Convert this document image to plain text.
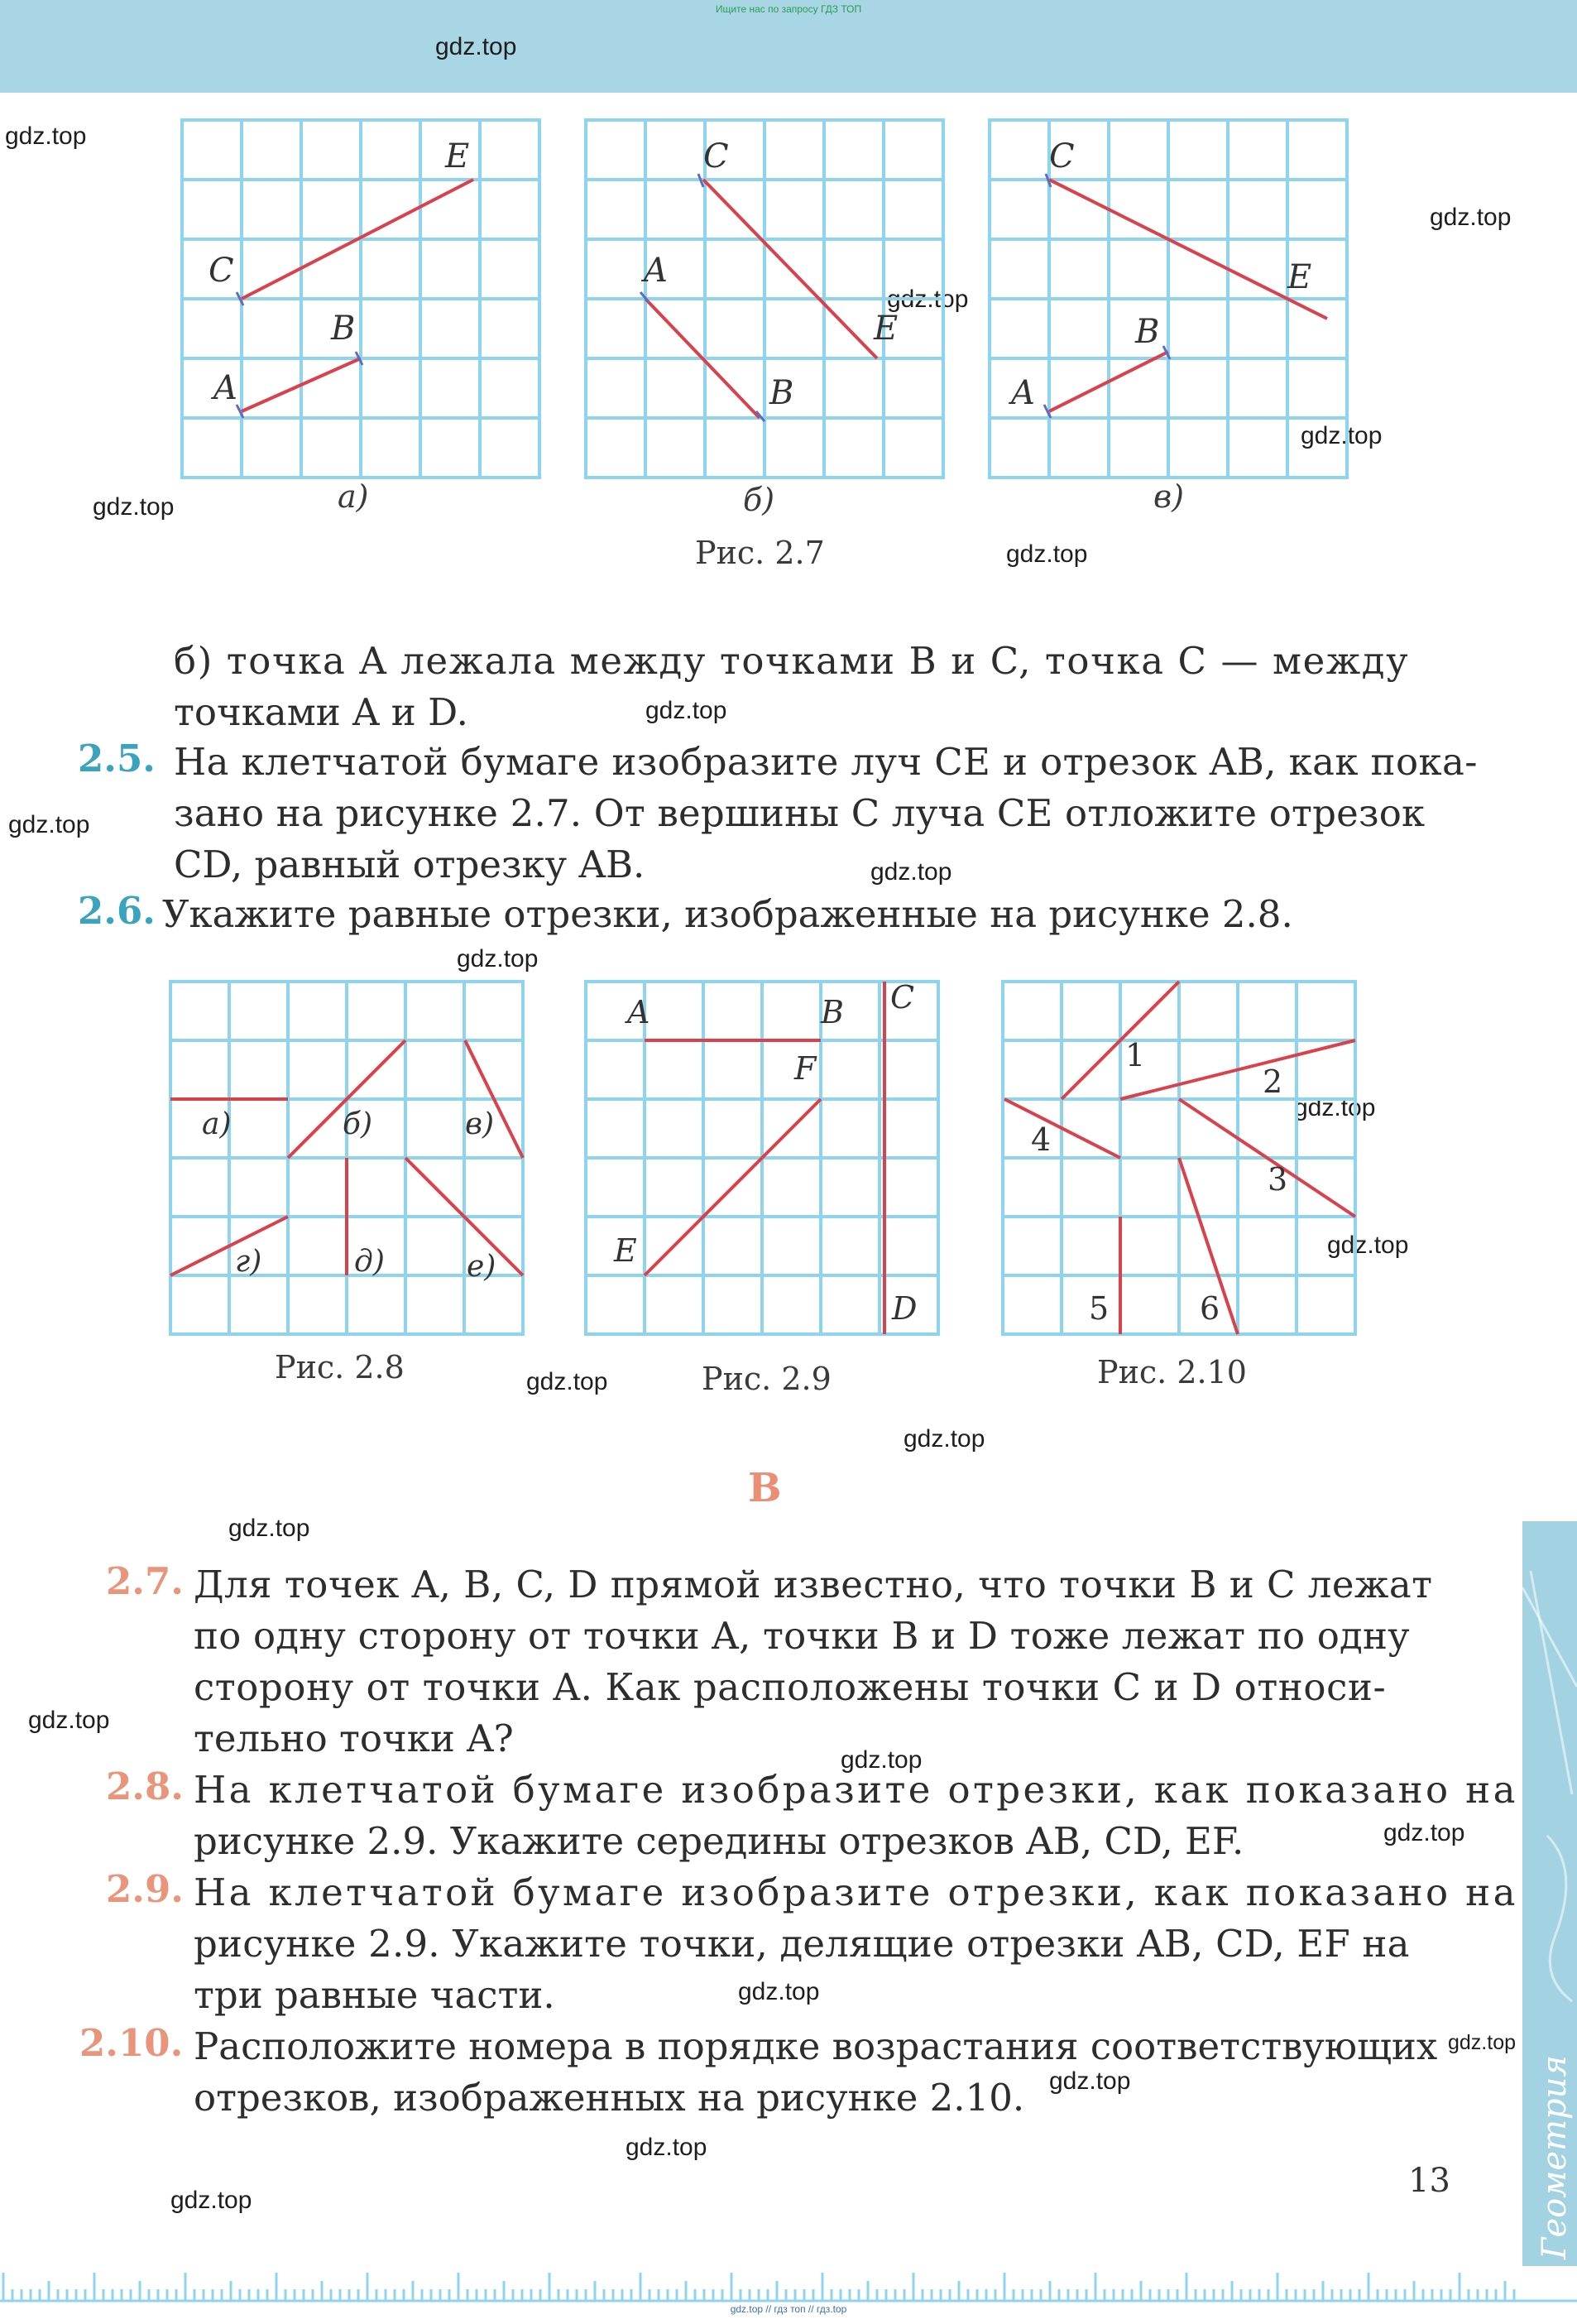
Ищите нас по запросу ГДЗ ТОП
gdz.top
gdz.top
gdz.top
gdz.top
gdz.top
gdz.top
gdz.top
gdz.top
gdz.top
gdz.top
gdz.top
gdz.top
gdz.top
gdz.top
gdz.top
gdz.top
gdz.top
gdz.top
gdz.top
gdz.top
gdz.top
gdz.top
gdz.top
gdz.top
E
C
B
A
а)
C
A
E
B
б)
Рис. 2.7
C
E
B
A
в)
б) точка A лежала между точками B и C, точка C — между
точками A и D.
2.5. На клетчатой бумаге изобразите луч CE и отрезок AB, как пока-
зано на рисунке 2.7. От вершины C луча CE отложите отрезок
CD, равный отрезку AB.
2.6. Укажите равные отрезки, изображенные на рисунке 2.8.
а)	б)	в)
г)	д)	е)
Рис. 2.8
A	B C
F
E
D
Рис. 2.9
1
2
4
3
5	6
Рис. 2.10
В
2.7. Для точек A, B, C, D прямой известно, что точки B и C лежат
по одну сторону от точки A, точки B и D тоже лежат по одну
сторону от точки A. Как расположены точки C и D относи-
тельно точки A?
2.8. На клетчатой бумаге изобразите отрезки, как показано на
рисунке 2.9. Укажите середины отрезков AB, CD, EF.
2.9. На клетчатой бумаге изобразите отрезки, как показано на
рисунке 2.9. Укажите точки, делящие отрезки AB, CD, EF на
три равные части.
2.10. Расположите номера в порядке возрастания соответствующих
отрезков, изображенных на рисунке 2.10.
13	Геометрия
gdz.top // гдз топ // гдз.top
